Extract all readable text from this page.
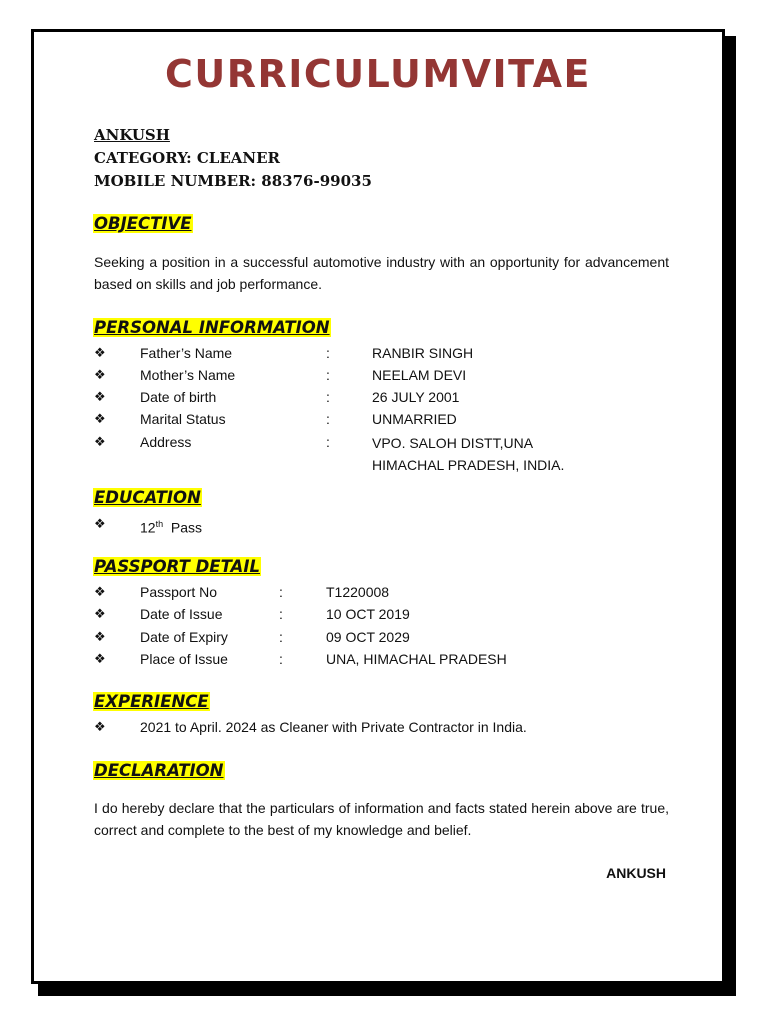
CURRICULUMVITAE
ANKUSH
CATEGORY: CLEANER
MOBILE NUMBER: 88376-99035
OBJECTIVE
Seeking a position in a successful automotive industry with an opportunity for advancement based on skills and job performance.
PERSONAL INFORMATION
❖ Father’s Name	:	RANBIR SINGH
❖ Mother’s Name	:	NEELAM DEVI
❖ Date of birth	:	26 JULY 2001
❖ Marital Status	:	UNMARRIED
❖ Address	:	VPO. SALOH DISTT,UNA
HIMACHAL PRADESH, INDIA.
EDUCATION
❖ 12th Pass
PASSPORT DETAIL
❖ Passport No	:	T1220008
❖ Date of Issue	:	10 OCT 2019
❖ Date of Expiry	:	09 OCT 2029
❖ Place of Issue	:	UNA, HIMACHAL PRADESH
EXPERIENCE
❖ 2021 to April. 2024 as Cleaner with Private Contractor in India.
DECLARATION
I do hereby declare that the particulars of information and facts stated herein above are true, correct and complete to the best of my knowledge and belief.
ANKUSH
